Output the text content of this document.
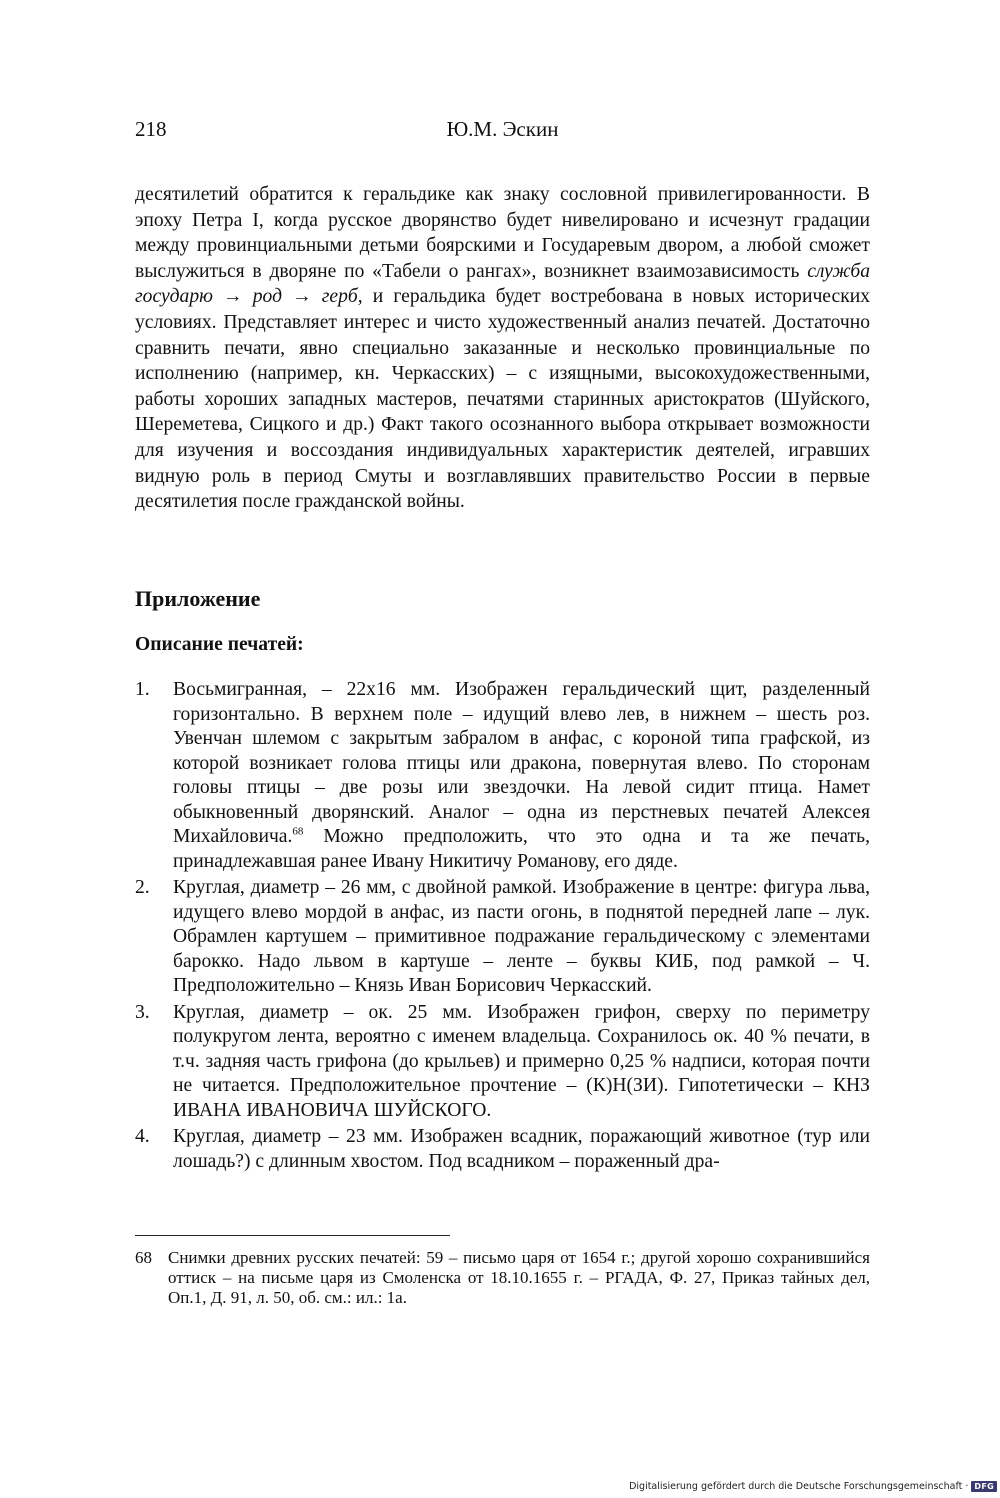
218	Ю.М. Эскин

десятилетий обратится к геральдике как знаку сословной привилегированности. В эпоху Петра I, когда русское дворянство будет нивелировано и исчезнут градации между провинциальными детьми боярскими и Государевым двором, а любой сможет выслужиться в дворяне по «Табели о рангах», возникнет взаимозависимость служба государю → род → герб, и геральдика будет востребована в новых исторических условиях. Представляет интерес и чисто художественный анализ печатей. Достаточно сравнить печати, явно специально заказанные и несколько провинциальные по исполнению (например, кн. Черкасских) – с изящными, высокохудожественными, работы хороших западных мастеров, печатями старинных аристократов (Шуйского, Шереметева, Сицкого и др.) Факт такого осознанного выбора открывает возможности для изучения и воссоздания индивидуальных характеристик деятелей, игравших видную роль в период Смуты и возглавлявших правительство России в первые десятилетия после гражданской войны.

Приложение
Описание печатей:
1. Восьмигранная, – 22х16 мм. Изображен геральдический щит, разделенный горизонтально. В верхнем поле – идущий влево лев, в нижнем – шесть роз. Увенчан шлемом с закрытым забралом в анфас, с короной типа графской, из которой возникает голова птицы или дракона, повернутая влево. По сторонам головы птицы – две розы или звездочки. На левой сидит птица. Намет обыкновенный дворянский. Аналог – одна из перстневых печатей Алексея Михайловича.$^{68}$ Можно предположить, что это одна и та же печать, принадлежавшая ранее Ивану Никитичу Романову, его дяде.
2. Круглая, диаметр – 26 мм, с двойной рамкой. Изображение в центре: фигура льва, идущего влево мордой в анфас, из пасти огонь, в поднятой передней лапе – лук. Обрамлен картушем – примитивное подражание геральдическому с элементами барокко. Надо львом в картуше – ленте – буквы КИБ, под рамкой – Ч. Предположительно – Князь Иван Борисович Черкасский.
3. Круглая, диаметр – ок. 25 мм. Изображен грифон, сверху по периметру полукругом лента, вероятно с именем владельца. Сохранилось ок. 40 % печати, в т.ч. задняя часть грифона (до крыльев) и примерно 0,25 % надписи, которая почти не читается. Предположительное прочтение – (К)Н(ЗИ). Гипотетически – КНЗ ИВАНА ИВАНОВИЧА ШУЙСКОГО.
4. Круглая, диаметр – 23 мм. Изображен всадник, поражающий животное (тур или лошадь?) с длинным хвостом. Под всадником – пораженный дра-

68 Снимки древних русских печатей: 59 – письмо царя от 1654 г.; другой хорошо сохранившийся оттиск – на письме царя из Смоленска от 18.10.1655 г. – РГАДА, Ф. 27, Приказ тайных дел, Оп.1, Д. 91, л. 50, об. см.: ил.: 1а.

Digitalisierung gefördert durch die Deutsche Forschungsgemeinschaft · DFG
